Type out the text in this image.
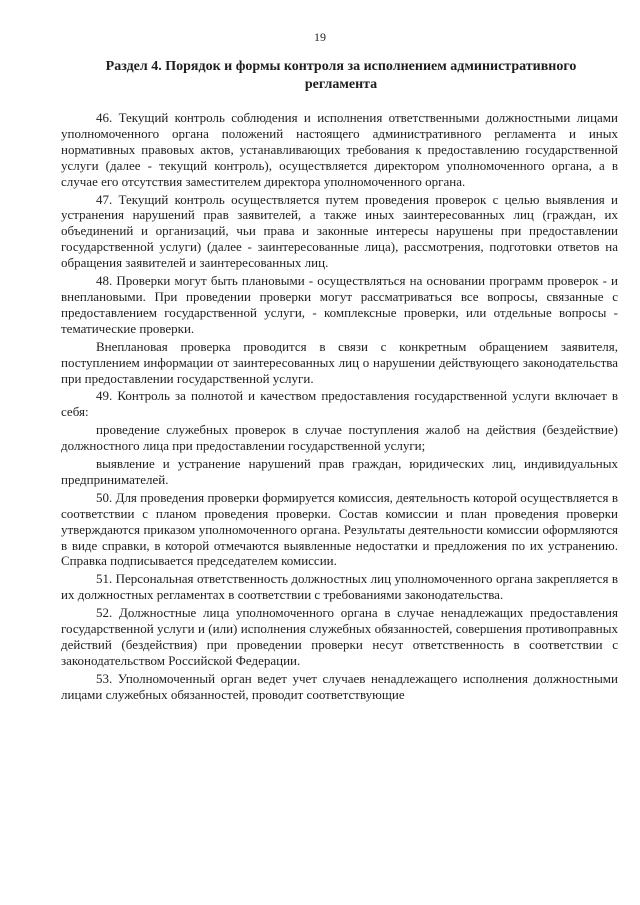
19
Раздел 4. Порядок и формы контроля за исполнением административного регламента

46. Текущий контроль соблюдения и исполнения ответственными должностными лицами уполномоченного органа положений настоящего административного регламента и иных нормативных правовых актов, устанавливающих требования к предоставлению государственной услуги (далее - текущий контроль), осуществляется директором уполномоченного органа, а в случае его отсутствия заместителем директора уполномоченного органа.

47. Текущий контроль осуществляется путем проведения проверок с целью выявления и устранения нарушений прав заявителей, а также иных заинтересованных лиц (граждан, их объединений и организаций, чьи права и законные интересы нарушены при предоставлении государственной услуги) (далее - заинтересованные лица), рассмотрения, подготовки ответов на обращения заявителей и заинтересованных лиц.

48. Проверки могут быть плановыми - осуществляться на основании программ проверок - и внеплановыми. При проведении проверки могут рассматриваться все вопросы, связанные с предоставлением государственной услуги, - комплексные проверки, или отдельные вопросы - тематические проверки.

Внеплановая проверка проводится в связи с конкретным обращением заявителя, поступлением информации от заинтересованных лиц о нарушении действующего законодательства при предоставлении государственной услуги.

49. Контроль за полнотой и качеством предоставления государственной услуги включает в себя:

проведение служебных проверок в случае поступления жалоб на действия (бездействие) должностного лица при предоставлении государственной услуги;

выявление и устранение нарушений прав граждан, юридических лиц, индивидуальных предпринимателей.

50. Для проведения проверки формируется комиссия, деятельность которой осуществляется в соответствии с планом проведения проверки. Состав комиссии и план проведения проверки утверждаются приказом уполномоченного органа. Результаты деятельности комиссии оформляются в виде справки, в которой отмечаются выявленные недостатки и предложения по их устранению. Справка подписывается председателем комиссии.

51. Персональная ответственность должностных лиц уполномоченного органа закрепляется в их должностных регламентах в соответствии с требованиями законодательства.

52. Должностные лица уполномоченного органа в случае ненадлежащих предоставления государственной услуги и (или) исполнения служебных обязанностей, совершения противоправных действий (бездействия) при проведении проверки несут ответственность в соответствии с законодательством Российской Федерации.

53. Уполномоченный орган ведет учет случаев ненадлежащего исполнения должностными лицами служебных обязанностей, проводит соответствующие
